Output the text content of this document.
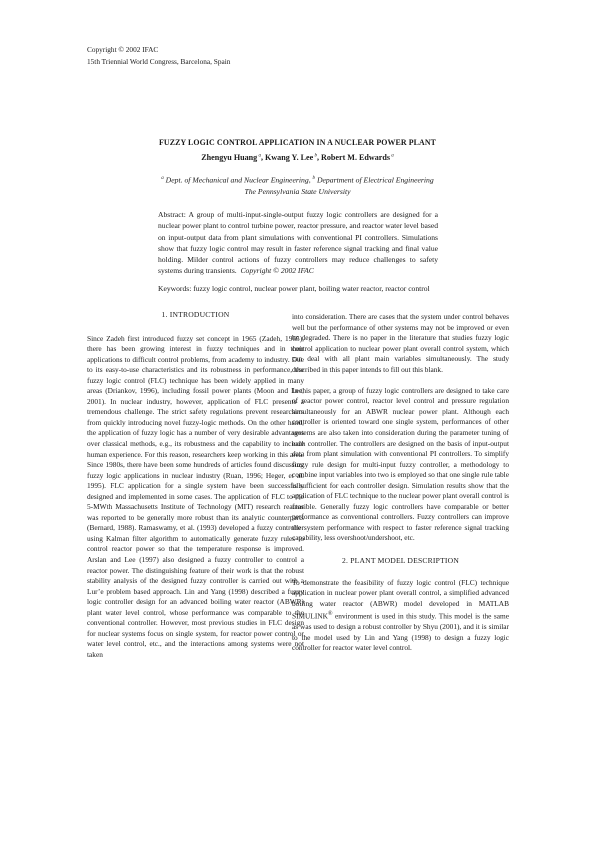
Copyright © 2002 IFAC
15th Triennial World Congress, Barcelona, Spain
FUZZY LOGIC CONTROL APPLICATION IN A NUCLEAR POWER PLANT
Zhengyu Huang $^a$, Kwang Y. Lee $^b$, Robert M. Edwards $^a$
$^a$ Dept. of Mechanical and Nuclear Engineering, $^b$ Department of Electrical Engineering
The Pennsylvania State University
Abstract: A group of multi-input-single-output fuzzy logic controllers are designed for a nuclear power plant to control turbine power, reactor pressure, and reactor water level based on input-output data from plant simulations with conventional PI controllers. Simulations show that fuzzy logic control may result in faster reference signal tracking and final value holding. Milder control actions of fuzzy controllers may reduce challenges to safety systems during transients. Copyright © 2002 IFAC
Keywords: fuzzy logic control, nuclear power plant, boiling water reactor, reactor control
1. INTRODUCTION

Since Zadeh first introduced fuzzy set concept in 1965 (Zadeh, 1965), there has been growing interest in fuzzy techniques and in their applications to difficult control problems, from academy to industry. Due to its easy-to-use characteristics and its robustness in performance, the fuzzy logic control (FLC) technique has been widely applied in many areas (Driankov, 1996), including fossil power plants (Moon and Lee, 2001). In nuclear industry, however, application of FLC presents a tremendous challenge. The strict safety regulations prevent researchers from quickly introducing novel fuzzy-logic methods. On the other hand, the application of fuzzy logic has a number of very desirable advantages over classical methods, e.g., its robustness and the capability to include human experience. For this reason, researchers keep working in this area. Since 1980s, there have been some hundreds of articles found discussing fuzzy logic applications in nuclear industry (Ruan, 1996; Heger, et al. 1995). FLC application for a single system have been successfully designed and implemented in some cases. The application of FLC to the 5-MWth Massachusetts Institute of Technology (MIT) research reactor was reported to be generally more robust than its analytic counterparts (Bernard, 1988). Ramaswamy, et al. (1993) developed a fuzzy controller using Kalman filter algorithm to automatically generate fuzzy rules to control reactor power so that the temperature response is improved. Arslan and Lee (1997) also designed a fuzzy controller to control a reactor power. The distinguishing feature of their work is that the robust stability analysis of the designed fuzzy controller is carried out with a Lur’e problem based approach. Lin and Yang (1998) described a fuzzy logic controller design for an advanced boiling water reactor (ABWR) plant water level control, whose performance was comparable to the conventional controller. However, most previous studies in FLC design for nuclear systems focus on single system, for reactor power control or water level control, etc., and the interactions among systems were not taken

into consideration. There are cases that the system under control behaves well but the performance of other systems may not be improved or even be degraded. There is no paper in the literature that studies fuzzy logic control application to nuclear power plant overall control system, which can deal with all plant main variables simultaneously. The study described in this paper intends to fill out this blank.

In this paper, a group of fuzzy logic controllers are designed to take care of reactor power control, reactor level control and pressure regulation simultaneously for an ABWR nuclear power plant. Although each controller is oriented toward one single system, performances of other systems are also taken into consideration during the parameter tuning of each controller. The controllers are designed on the basis of input-output data from plant simulation with conventional PI controllers. To simplify fuzzy rule design for multi-input fuzzy controller, a methodology to combine input variables into two is employed so that one single rule table is sufficient for each controller design. Simulation results show that the application of FLC technique to the nuclear power plant overall control is feasible. Generally fuzzy logic controllers have comparable or better performance as conventional controllers. Fuzzy controllers can improve the system performance with respect to faster reference signal tracking capability, less overshoot/undershoot, etc.

2. PLANT MODEL DESCRIPTION

To demonstrate the feasibility of fuzzy logic control (FLC) technique application in nuclear power plant overall control, a simplified advanced boiling water reactor (ABWR) model developed in MATLAB SIMULINK® environment is used in this study. This model is the same as was used to design a robust controller by Shyu (2001), and it is similar to the model used by Lin and Yang (1998) to design a fuzzy logic controller for reactor water level control.
